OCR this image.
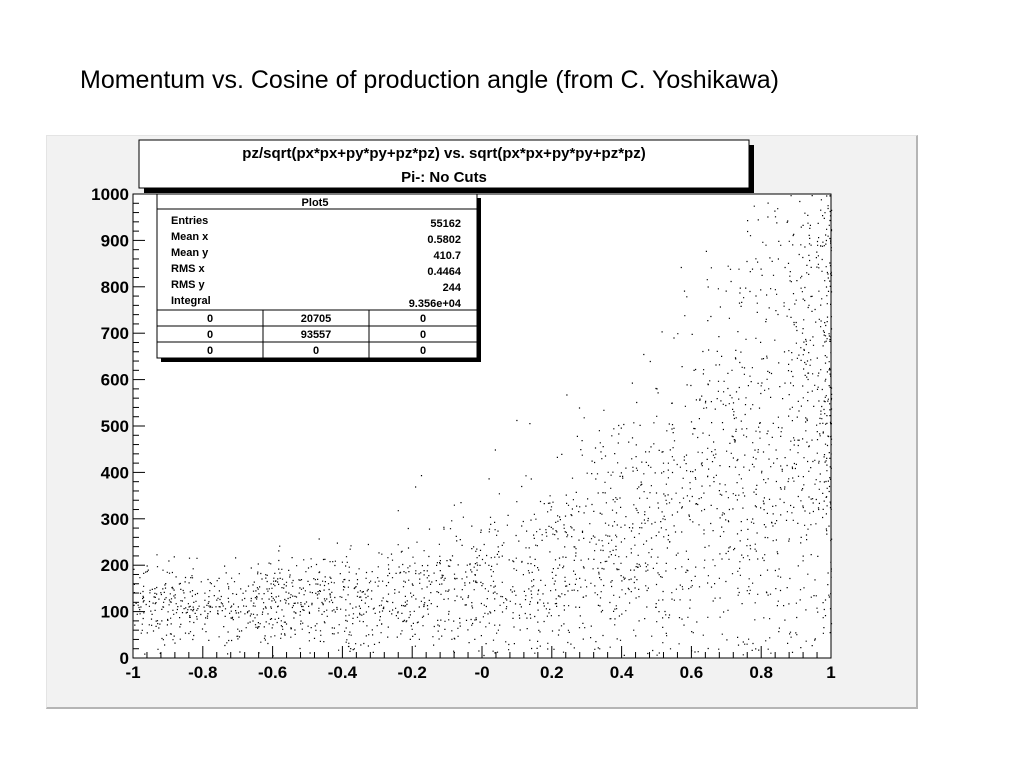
Momentum vs. Cosine of production angle (from C. Yoshikawa)
-1	-0.8 -0.6 -0.4 -0.2	-0	0.2	0.4	0.6	0.8	1
0
100
200
300
400
500
600
700
800
900
1000
pz/sqrt(px*px+py*py+pz*pz) vs. sqrt(px*px+py*py+pz*pz)
Pi-: No Cuts
Plot5
Entries	55162
Mean x	0.5802
Mean y	410.7
RMS x	0.4464
RMS y	244
Integral	9.356e+04
0	20705	0
0	93557	0
0	0	0
